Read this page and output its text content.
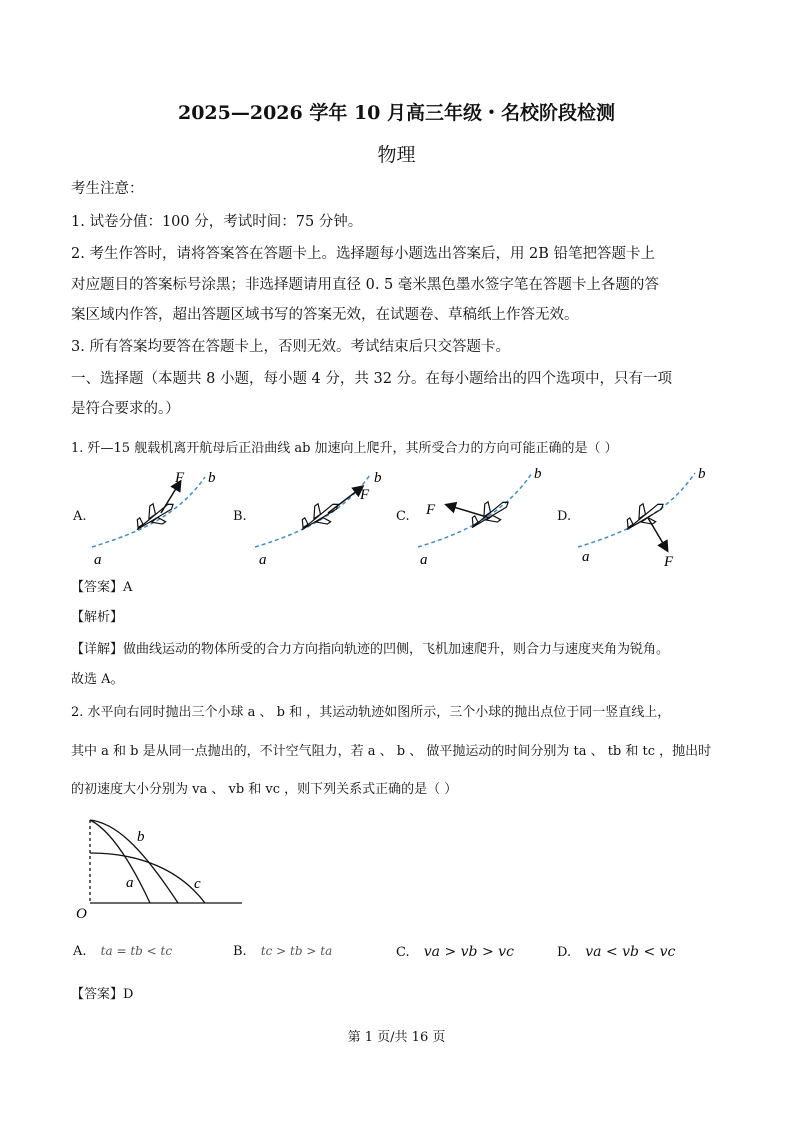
2025—2026 学年 10 月高三年级・名校阶段检测
物理
考生注意：
1. 试卷分值：100 分，考试时间：75 分钟。
2. 考生作答时，请将答案答在答题卡上。选择题每小题选出答案后，用 2B 铅笔把答题卡上
对应题目的答案标号涂黑；非选择题请用直径 0. 5 毫米黑色墨水签字笔在答题卡上各题的答
案区域内作答，超出答题区域书写的答案无效，在试题卷、草稿纸上作答无效。
3. 所有答案均要答在答题卡上，否则无效。考试结束后只交答题卡。
一、选择题（本题共 8 小题，每小题 4 分，共 32 分。在每小题给出的四个选项中，只有一项
是符合要求的。）
1. 歼—15 舰载机离开航母后正沿曲线 ab 加速向上爬升，其所受合力的方向可能正确的是（ ）
A.	B.	C.	D.
F b
a
F
b
a
F
b
a	F
b
a
【答案】A
【解析】
【详解】做曲线运动的物体所受的合力方向指向轨迹的凹侧，飞机加速爬升，则合力与速度夹角为锐角。
故选 A。
2. 水平向右同时抛出三个小球 a 、 b 和 ，其运动轨迹如图所示，三个小球的抛出点位于同一竖直线上，
其中 a 和 b 是从同一点抛出的，不计空气阻力，若 a 、 b 、 做平抛运动的时间分别为 ta 、 tb 和 tc ，抛出时
的初速度大小分别为 va 、 vb 和 vc ，则下列关系式正确的是（ ）
b
a	c
O
A. ta = tb < tc	B. tc > tb > ta	C. va > vb > vc	D. va < vb < vc
【答案】D
第 1 页/共 16 页
